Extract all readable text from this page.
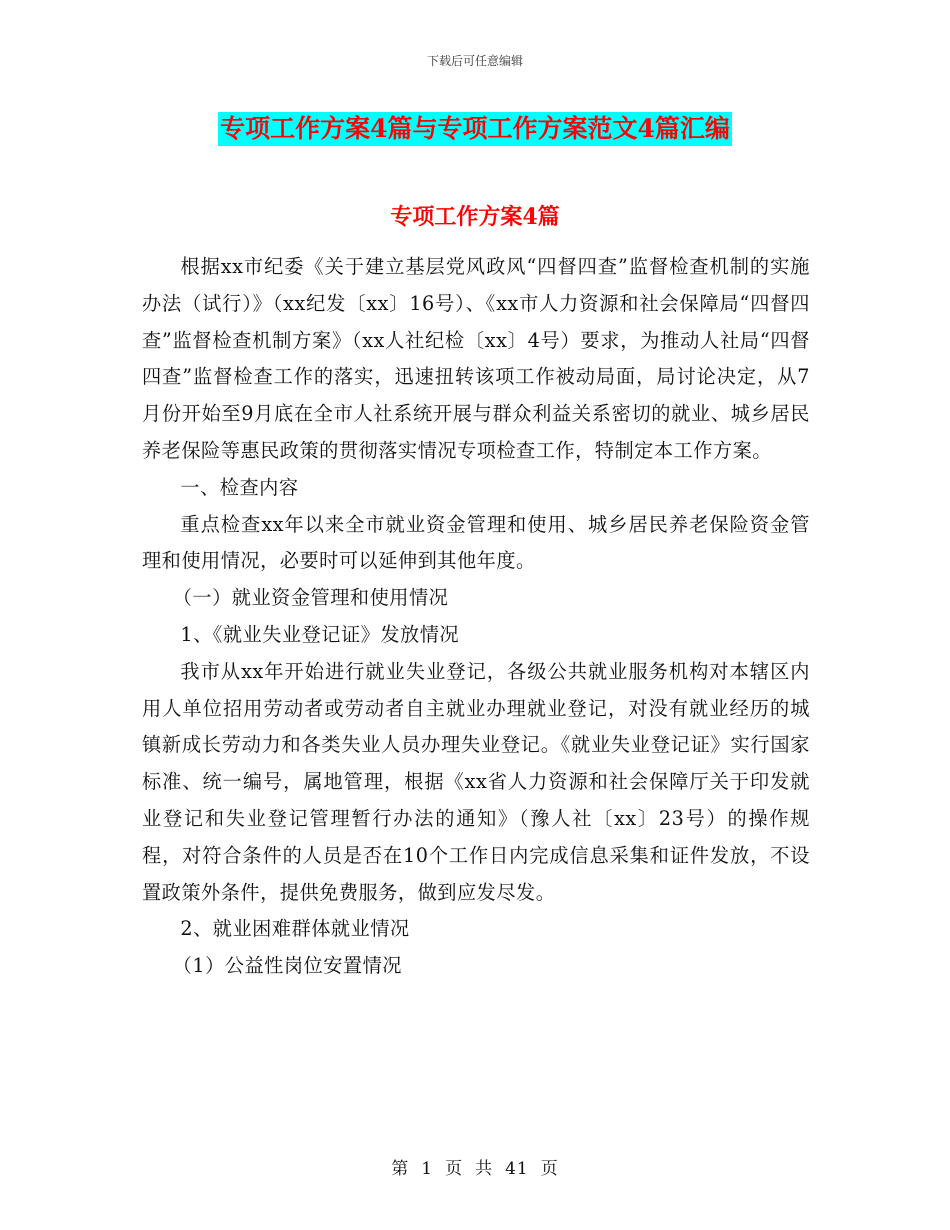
下载后可任意编辑
专项工作方案4篇与专项工作方案范文4篇汇编
专项工作方案4篇

根据xx市纪委《关于建立基层党风政风“四督四查”监督检查机制的实施办法（试行）》（xx纪发〔xx〕16号）、《xx市人力资源和社会保障局“四督四查”监督检查机制方案》（xx人社纪检〔xx〕4号）要求，为推动人社局“四督四查”监督检查工作的落实，迅速扭转该项工作被动局面，局讨论决定，从7月份开始至9月底在全市人社系统开展与群众利益关系密切的就业、城乡居民养老保险等惠民政策的贯彻落实情况专项检查工作，特制定本工作方案。

一、检查内容

重点检查xx年以来全市就业资金管理和使用、城乡居民养老保险资金管理和使用情况，必要时可以延伸到其他年度。

（一）就业资金管理和使用情况

1、《就业失业登记证》发放情况

我市从xx年开始进行就业失业登记，各级公共就业服务机构对本辖区内用人单位招用劳动者或劳动者自主就业办理就业登记，对没有就业经历的城镇新成长劳动力和各类失业人员办理失业登记。《就业失业登记证》实行国家标准、统一编号，属地管理，根据《xx省人力资源和社会保障厅关于印发就业登记和失业登记管理暂行办法的通知》（豫人社〔xx〕23号）的操作规程，对符合条件的人员是否在10个工作日内完成信息采集和证件发放，不设置政策外条件，提供免费服务，做到应发尽发。

2、就业困难群体就业情况

（1）公益性岗位安置情况

第 1 页 共 41 页
